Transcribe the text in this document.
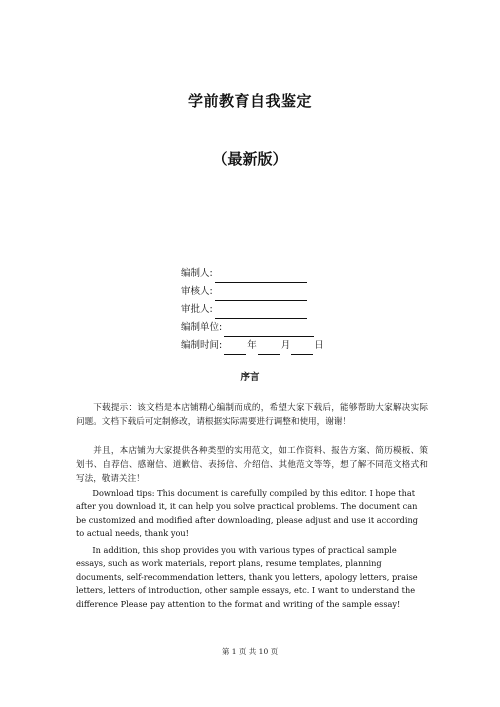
学前教育自我鉴定
（最新版）
编制人:
审核人:
审批人:
编制单位:
编制时间:	年	月	日
序言

下载提示：该文档是本店铺精心编制而成的，希望大家下载后，能够帮助大家解决实际问题。文档下载后可定制修改，请根据实际需要进行调整和使用，谢谢！

并且，本店铺为大家提供各种类型的实用范文，如工作资料、报告方案、简历模板、策划书、自荐信、感谢信、道歉信、表扬信、介绍信、其他范文等等，想了解不同范文格式和写法，敬请关注！

Download tips: This document is carefully compiled by this editor. I hope that after you download it, it can help you solve practical problems. The document can be customized and modified after downloading, please adjust and use it according to actual needs, thank you!

In addition, this shop provides you with various types of practical sample essays, such as work materials, report plans, resume templates, planning documents, self-recommendation letters, thank you letters, apology letters, praise letters, letters of introduction, other sample essays, etc. I want to understand the difference Please pay attention to the format and writing of the sample essay!

第 1 页 共 10 页
